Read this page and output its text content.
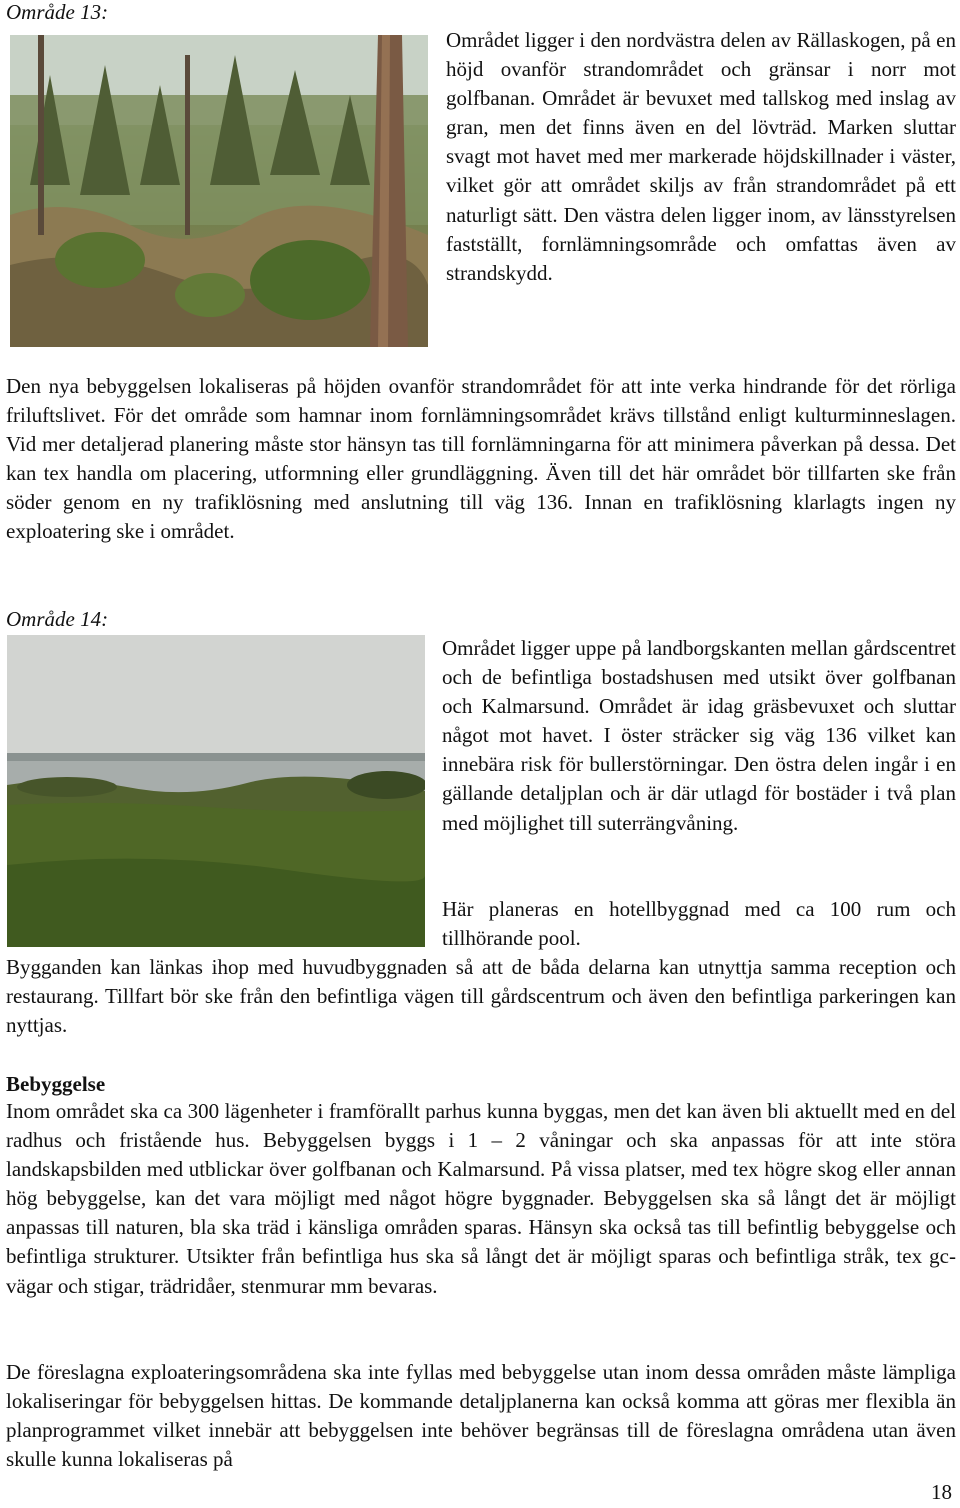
Område 13:

Området ligger i den nordvästra delen av Rällaskogen, på en höjd ovanför strandområdet och gränsar i norr mot golfbanan. Området är bevuxet med tallskog med inslag av gran, men det finns även en del lövträd. Marken sluttar svagt mot havet med mer markerade höjdskillnader i väster, vilket gör att området skiljs av från strandområdet på ett naturligt sätt. Den västra delen ligger inom, av länsstyrelsen fastställt, fornlämningsområde och omfattas även av strandskydd.

Den nya bebyggelsen lokaliseras på höjden ovanför strandområdet för att inte verka hindrande för det rörliga friluftslivet. För det område som hamnar inom fornlämningsområdet krävs tillstånd enligt kulturminneslagen. Vid mer detaljerad planering måste stor hänsyn tas till fornlämningarna för att minimera påverkan på dessa. Det kan tex handla om placering, utformning eller grundläggning. Även till det här området bör tillfarten ske från söder genom en ny trafiklösning med anslutning till väg 136. Innan en trafiklösning klarlagts ingen ny exploatering ske i området.

Område 14:

Området ligger uppe på landborgskanten mellan gårdscentret och de befintliga bostadshusen med utsikt över golfbanan och Kalmarsund. Området är idag gräsbevuxet och sluttar något mot havet. I öster sträcker sig väg 136 vilket kan innebära risk för bullerstörningar. Den östra delen ingår i en gällande detaljplan och är där utlagd för bostäder i två plan med möjlighet till suterrängvåning.

Här planeras en hotellbyggnad med ca 100 rum och tillhörande pool.

Bygganden kan länkas ihop med huvudbyggnaden så att de båda delarna kan utnyttja samma reception och restaurang. Tillfart bör ske från den befintliga vägen till gårdscentrum och även den befintliga parkeringen kan nyttjas.

Bebyggelse

Inom området ska ca 300 lägenheter i framförallt parhus kunna byggas, men det kan även bli aktuellt med en del radhus och fristående hus. Bebyggelsen byggs i 1 – 2 våningar och ska anpassas för att inte störa landskapsbilden med utblickar över golfbanan och Kalmarsund. På vissa platser, med tex högre skog eller annan hög bebyggelse, kan det vara möjligt med något högre byggnader. Bebyggelsen ska så långt det är möjligt anpassas till naturen, bla ska träd i känsliga områden sparas. Hänsyn ska också tas till befintlig bebyggelse och befintliga strukturer. Utsikter från befintliga hus ska så långt det är möjligt sparas och befintliga stråk, tex gc-vägar och stigar, trädridåer, stenmurar mm bevaras.

De föreslagna exploateringsområdena ska inte fyllas med bebyggelse utan inom dessa områden måste lämpliga lokaliseringar för bebyggelsen hittas. De kommande detaljplanerna kan också komma att göras mer flexibla än planprogrammet vilket innebär att bebyggelsen inte behöver begränsas till de föreslagna områdena utan även skulle kunna lokaliseras på

18
